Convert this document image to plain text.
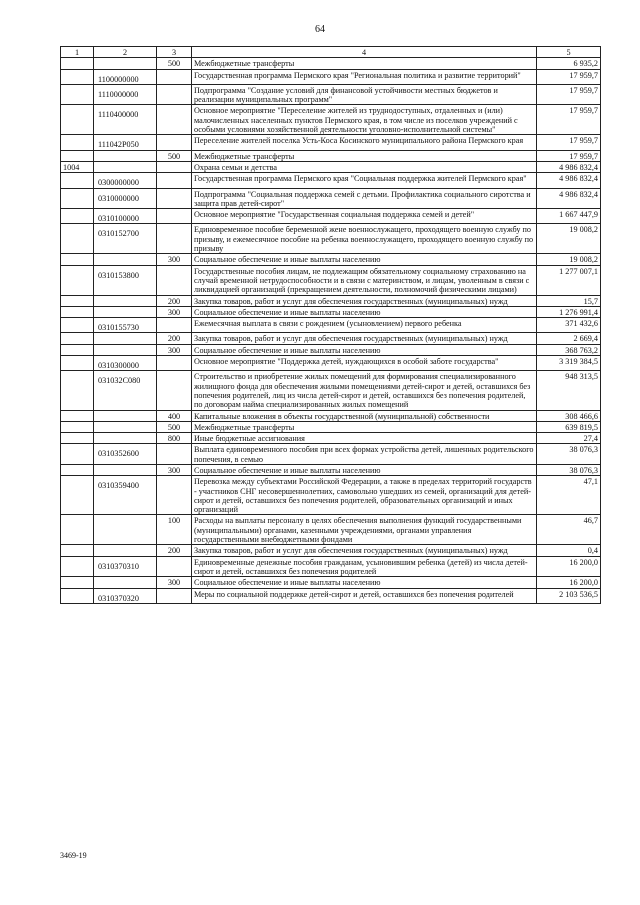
64
1	2	3	4	5
		500	Межбюджетные трансферты	6 935,2
	1100000000		Государственная программа Пермского края "Региональная политика и развитие территорий"	17 959,7
	1110000000		Подпрограмма "Создание условий для финансовой устойчивости местных бюджетов и реализации муниципальных программ"	17 959,7
	1110400000		Основное мероприятие "Переселение жителей из труднодоступных, отдаленных и (или) малочисленных населенных пунктов Пермского края, в том числе из поселков учреждений с особыми условиями хозяйственной деятельности уголовно-исполнительной системы"	17 959,7
	111042Р050		Переселение жителей поселка Усть-Коса Косинского муниципального района Пермского края	17 959,7
		500	Межбюджетные трансферты	17 959,7
1004			Охрана семьи и детства	4 986 832,4
	0300000000		Государственная программа Пермского края "Социальная поддержка жителей Пермского края"	4 986 832,4
	0310000000		Подпрограмма "Социальная поддержка семей с детьми. Профилактика социального сиротства и защита прав детей-сирот"	4 986 832,4
	0310100000		Основное мероприятие "Государственная социальная поддержка семей и детей"	1 667 447,9
	0310152700		Единовременное пособие беременной жене военнослужащего, проходящего военную службу по призыву, и ежемесячное пособие на ребенка военнослужащего, проходящего военную службу по призыву	19 008,2
		300	Социальное обеспечение и иные выплаты населению	19 008,2
	0310153800		Государственные пособия лицам, не подлежащим обязательному социальному страхованию на случай временной нетрудоспособности и в связи с материнством, и лицам, уволенным в связи с ликвидацией организаций (прекращением деятельности, полномочий физическими лицами)	1 277 007,1
		200	Закупка товаров, работ и услуг для обеспечения государственных (муниципальных) нужд	15,7
		300	Социальное обеспечение и иные выплаты населению	1 276 991,4
	0310155730		Ежемесячная выплата в связи с рождением (усыновлением) первого ребенка	371 432,6
		200	Закупка товаров, работ и услуг для обеспечения государственных (муниципальных) нужд	2 669,4
		300	Социальное обеспечение и иные выплаты населению	368 763,2
	0310300000		Основное мероприятие "Поддержка детей, нуждающихся в особой заботе государства"	3 319 384,5
	031032С080		Строительство и приобретение жилых помещений для формирования специализированного жилищного фонда для обеспечения жилыми помещениями детей-сирот и детей, оставшихся без попечения родителей, лиц из числа детей-сирот и детей, оставшихся без попечения родителей, по договорам найма специализированных жилых помещений	948 313,5
		400	Капитальные вложения в объекты государственной (муниципальной) собственности	308 466,6
		500	Межбюджетные трансферты	639 819,5
		800	Иные бюджетные ассигнования	27,4
	0310352600		Выплата единовременного пособия при всех формах устройства детей, лишенных родительского попечения, в семью	38 076,3
		300	Социальное обеспечение и иные выплаты населению	38 076,3
	0310359400		Перевозка между субъектами Российской Федерации, а также в пределах территорий государств - участников СНГ несовершеннолетних, самовольно ушедших из семей, организаций для детей-сирот и детей, оставшихся без попечения родителей, образовательных организаций и иных организаций	47,1
		100	Расходы на выплаты персоналу в целях обеспечения выполнения функций государственными (муниципальными) органами, казенными учреждениями, органами управления государственными внебюджетными фондами	46,7
		200	Закупка товаров, работ и услуг для обеспечения государственных (муниципальных) нужд	0,4
	0310370310		Единовременные денежные пособия гражданам, усыновившим ребенка (детей) из числа детей-сирот и детей, оставшихся без попечения родителей	16 200,0
		300	Социальное обеспечение и иные выплаты населению	16 200,0
	0310370320		Меры по социальной поддержке детей-сирот и детей, оставшихся без попечения родителей	2 103 536,5
3469-19
